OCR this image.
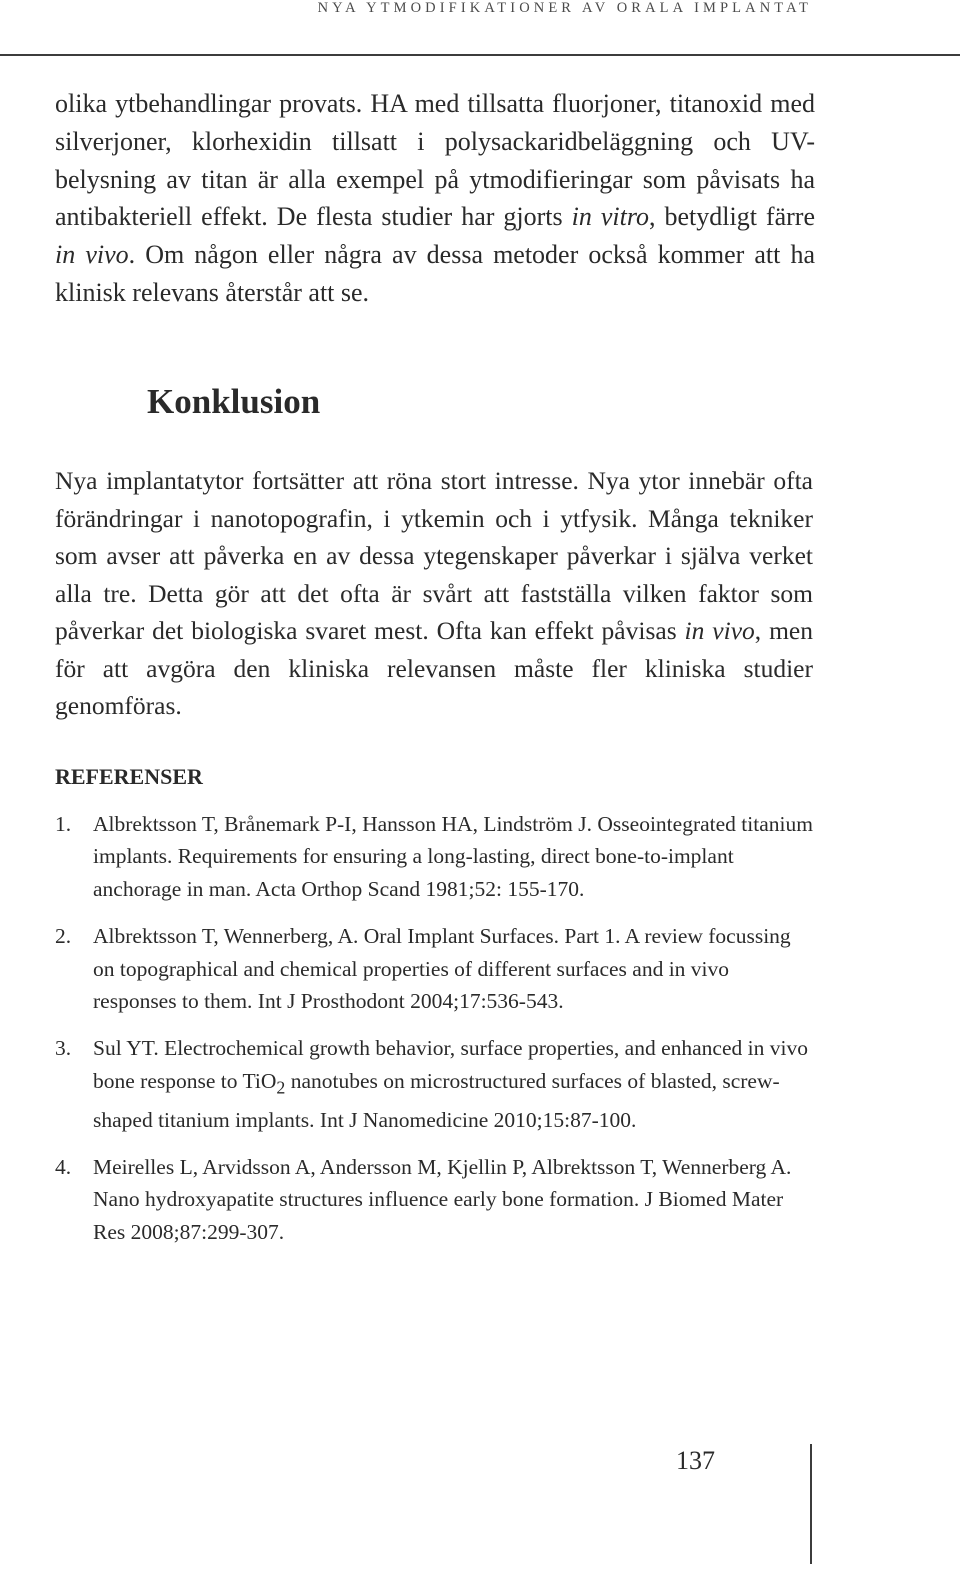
NYA YTMODIFIKATIONER AV ORALA IMPLANTAT
olika ytbehandlingar provats. HA med tillsatta fluorjoner, titanoxid med silverjoner, klorhexidin tillsatt i polysackaridbeläggning och UV-belysning av titan är alla exempel på ytmodifieringar som påvisats ha antibakteriell effekt. De flesta studier har gjorts in vitro, betydligt färre in vivo. Om någon eller några av dessa metoder också kommer att ha klinisk relevans återstår att se.
Konklusion
Nya implantatytor fortsätter att röna stort intresse. Nya ytor innebär ofta förändringar i nanotopografin, i ytkemin och i ytfysik. Många tekniker som avser att påverka en av dessa ytegenskaper påverkar i själva verket alla tre. Detta gör att det ofta är svårt att fastställa vilken faktor som påverkar det biologiska svaret mest. Ofta kan effekt påvisas in vivo, men för att avgöra den kliniska relevansen måste fler kliniska studier genomföras.
REFERENSER
1. Albrektsson T, Brånemark P-I, Hansson HA, Lindström J. Osseointegrated titanium implants. Requirements for ensuring a long-lasting, direct bone-to-implant anchorage in man. Acta Orthop Scand 1981;52: 155-170.
2. Albrektsson T, Wennerberg, A. Oral Implant Surfaces. Part 1. A review focussing on topographical and chemical properties of different surfaces and in vivo responses to them. Int J Prosthodont 2004;17:536-543.
3. Sul YT. Electrochemical growth behavior, surface properties, and enhanced in vivo bone response to TiO$_2$ nanotubes on microstructured surfaces of blasted, screw-shaped titanium implants. Int J Nanomedicine 2010;15:87-100.
4. Meirelles L, Arvidsson A, Andersson M, Kjellin P, Albrektsson T, Wennerberg A. Nano hydroxyapatite structures influence early bone formation. J Biomed Mater Res 2008;87:299-307.
137
